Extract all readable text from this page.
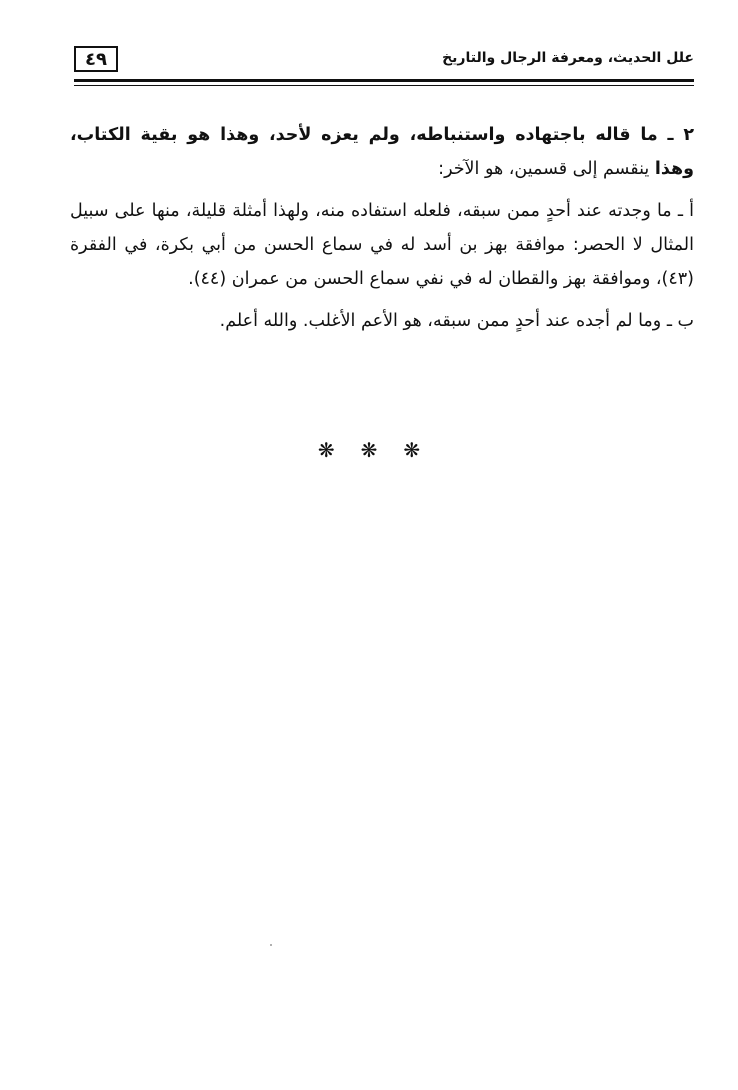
٤٩	علل الحديث، ومعرفة الرجال والتاريخ

٢ ـ ما قاله باجتهاده واستنباطه، ولم يعزه لأحد، وهذا هو بقية الكتاب، وهذا ينقسم إلى قسمين، هو الآخر:

أ ـ ما وجدته عند أحدٍ ممن سبقه، فلعله استفاده منه، ولهذا أمثلة قليلة، منها على سبيل المثال لا الحصر: موافقة بهز بن أسد له في سماع الحسن من أبي بكرة، في الفقرة (٤٣)، وموافقة بهز والقطان له في نفي سماع الحسن من عمران (٤٤).

ب ـ وما لم أجده عند أحدٍ ممن سبقه، هو الأعم الأغلب. والله أعلم.

❋❋❋
